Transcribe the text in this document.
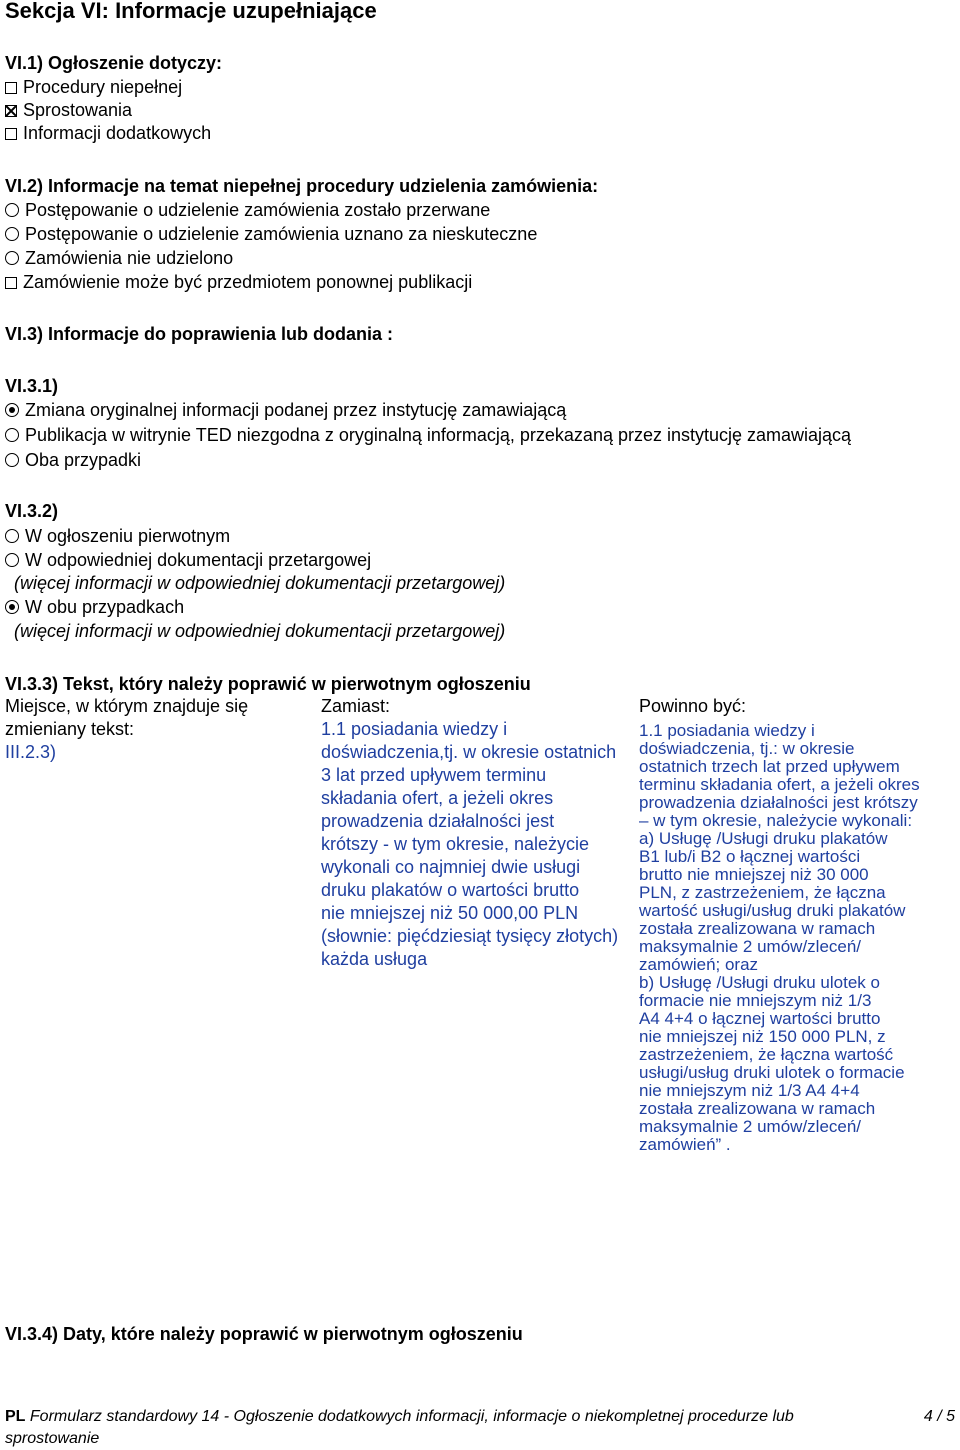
Sekcja VI: Informacje uzupełniające
VI.1) Ogłoszenie dotyczy:
Procedury niepełnej
Sprostowania
Informacji dodatkowych
VI.2) Informacje na temat niepełnej procedury udzielenia zamówienia:
Postępowanie o udzielenie zamówienia zostało przerwane
Postępowanie o udzielenie zamówienia uznano za nieskuteczne
Zamówienia nie udzielono
Zamówienie może być przedmiotem ponownej publikacji
VI.3) Informacje do poprawienia lub dodania :
VI.3.1)
Zmiana oryginalnej informacji podanej przez instytucję zamawiającą
Publikacja w witrynie TED niezgodna z oryginalną informacją, przekazaną przez instytucję zamawiającą
Oba przypadki
VI.3.2)
W ogłoszeniu pierwotnym
W odpowiedniej dokumentacji przetargowej
(więcej informacji w odpowiedniej dokumentacji przetargowej)
W obu przypadkach
(więcej informacji w odpowiedniej dokumentacji przetargowej)
VI.3.3) Tekst, który należy poprawić w pierwotnym ogłoszeniu
Miejsce, w którym znajduje się
zmieniany tekst:
III.2.3)
Zamiast:
1.1 posiadania wiedzy i
doświadczenia,tj. w okresie ostatnich
3 lat przed upływem terminu
składania ofert, a jeżeli okres
prowadzenia działalności jest
krótszy - w tym okresie, należycie
wykonali co najmniej dwie usługi
druku plakatów o wartości brutto
nie mniejszej niż 50 000,00 PLN
(słownie: pięćdziesiąt tysięcy złotych)
każda usługa
Powinno być:
1.1 posiadania wiedzy i
doświadczenia, tj.: w okresie
ostatnich trzech lat przed upływem
terminu składania ofert, a jeżeli okres
prowadzenia działalności jest krótszy
– w tym okresie, należycie wykonali:
a) Usługę /Usługi druku plakatów
B1 lub/i B2 o łącznej wartości
brutto nie mniejszej niż 30 000
PLN, z zastrzeżeniem, że łączna
wartość usługi/usług druki plakatów
została zrealizowana w ramach
maksymalnie 2 umów/zleceń/
zamówień; oraz
b) Usługę /Usługi druku ulotek o
formacie nie mniejszym niż 1/3
A4 4+4 o łącznej wartości brutto
nie mniejszej niż 150 000 PLN, z
zastrzeżeniem, że łączna wartość
usługi/usług druki ulotek o formacie
nie mniejszym niż 1/3 A4 4+4
została zrealizowana w ramach
maksymalnie 2 umów/zleceń/
zamówień” .
VI.3.4) Daty, które należy poprawić w pierwotnym ogłoszeniu
PL Formularz standardowy 14 - Ogłoszenie dodatkowych informacji, informacje o niekompletnej procedurze lub	4 / 5
sprostowanie
